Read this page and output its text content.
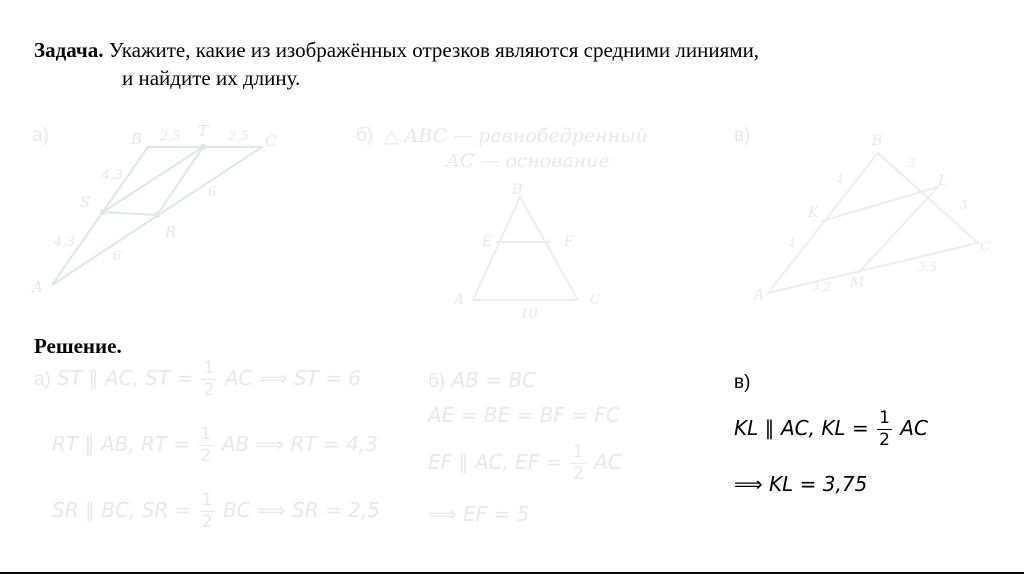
Задача. Укажите, какие из изображённых отрезков являются средними линиями,
и найдите их длину.
а)
A
B	C
T
S
R
2,5	2,5
4,3
4,3
6
6
б) △ ABC — равнобедренный
AC — основание
B
A	C
E	F
10
в)	B
A
C
K
L
M
4
4
3
3
3,2
3,5
Решение.
а) ST ∥ AC, ST = $\frac{1}{2}$ AC ⟹ ST = 6
RT ∥ AB, RT = $\frac{1}{2}$ AB ⟹ RT = 4,3
SR ∥ BC, SR = $\frac{1}{2}$ BC ⟹ SR = 2,5
б) AB = BC
AE = BE = BF = FC
EF ∥ AC, EF = $\frac{1}{2}$ AC
⟹ EF = 5
в)
KL ∥ AC, KL = $\frac{1}{2}$ AC
⟹ KL = 3,75
